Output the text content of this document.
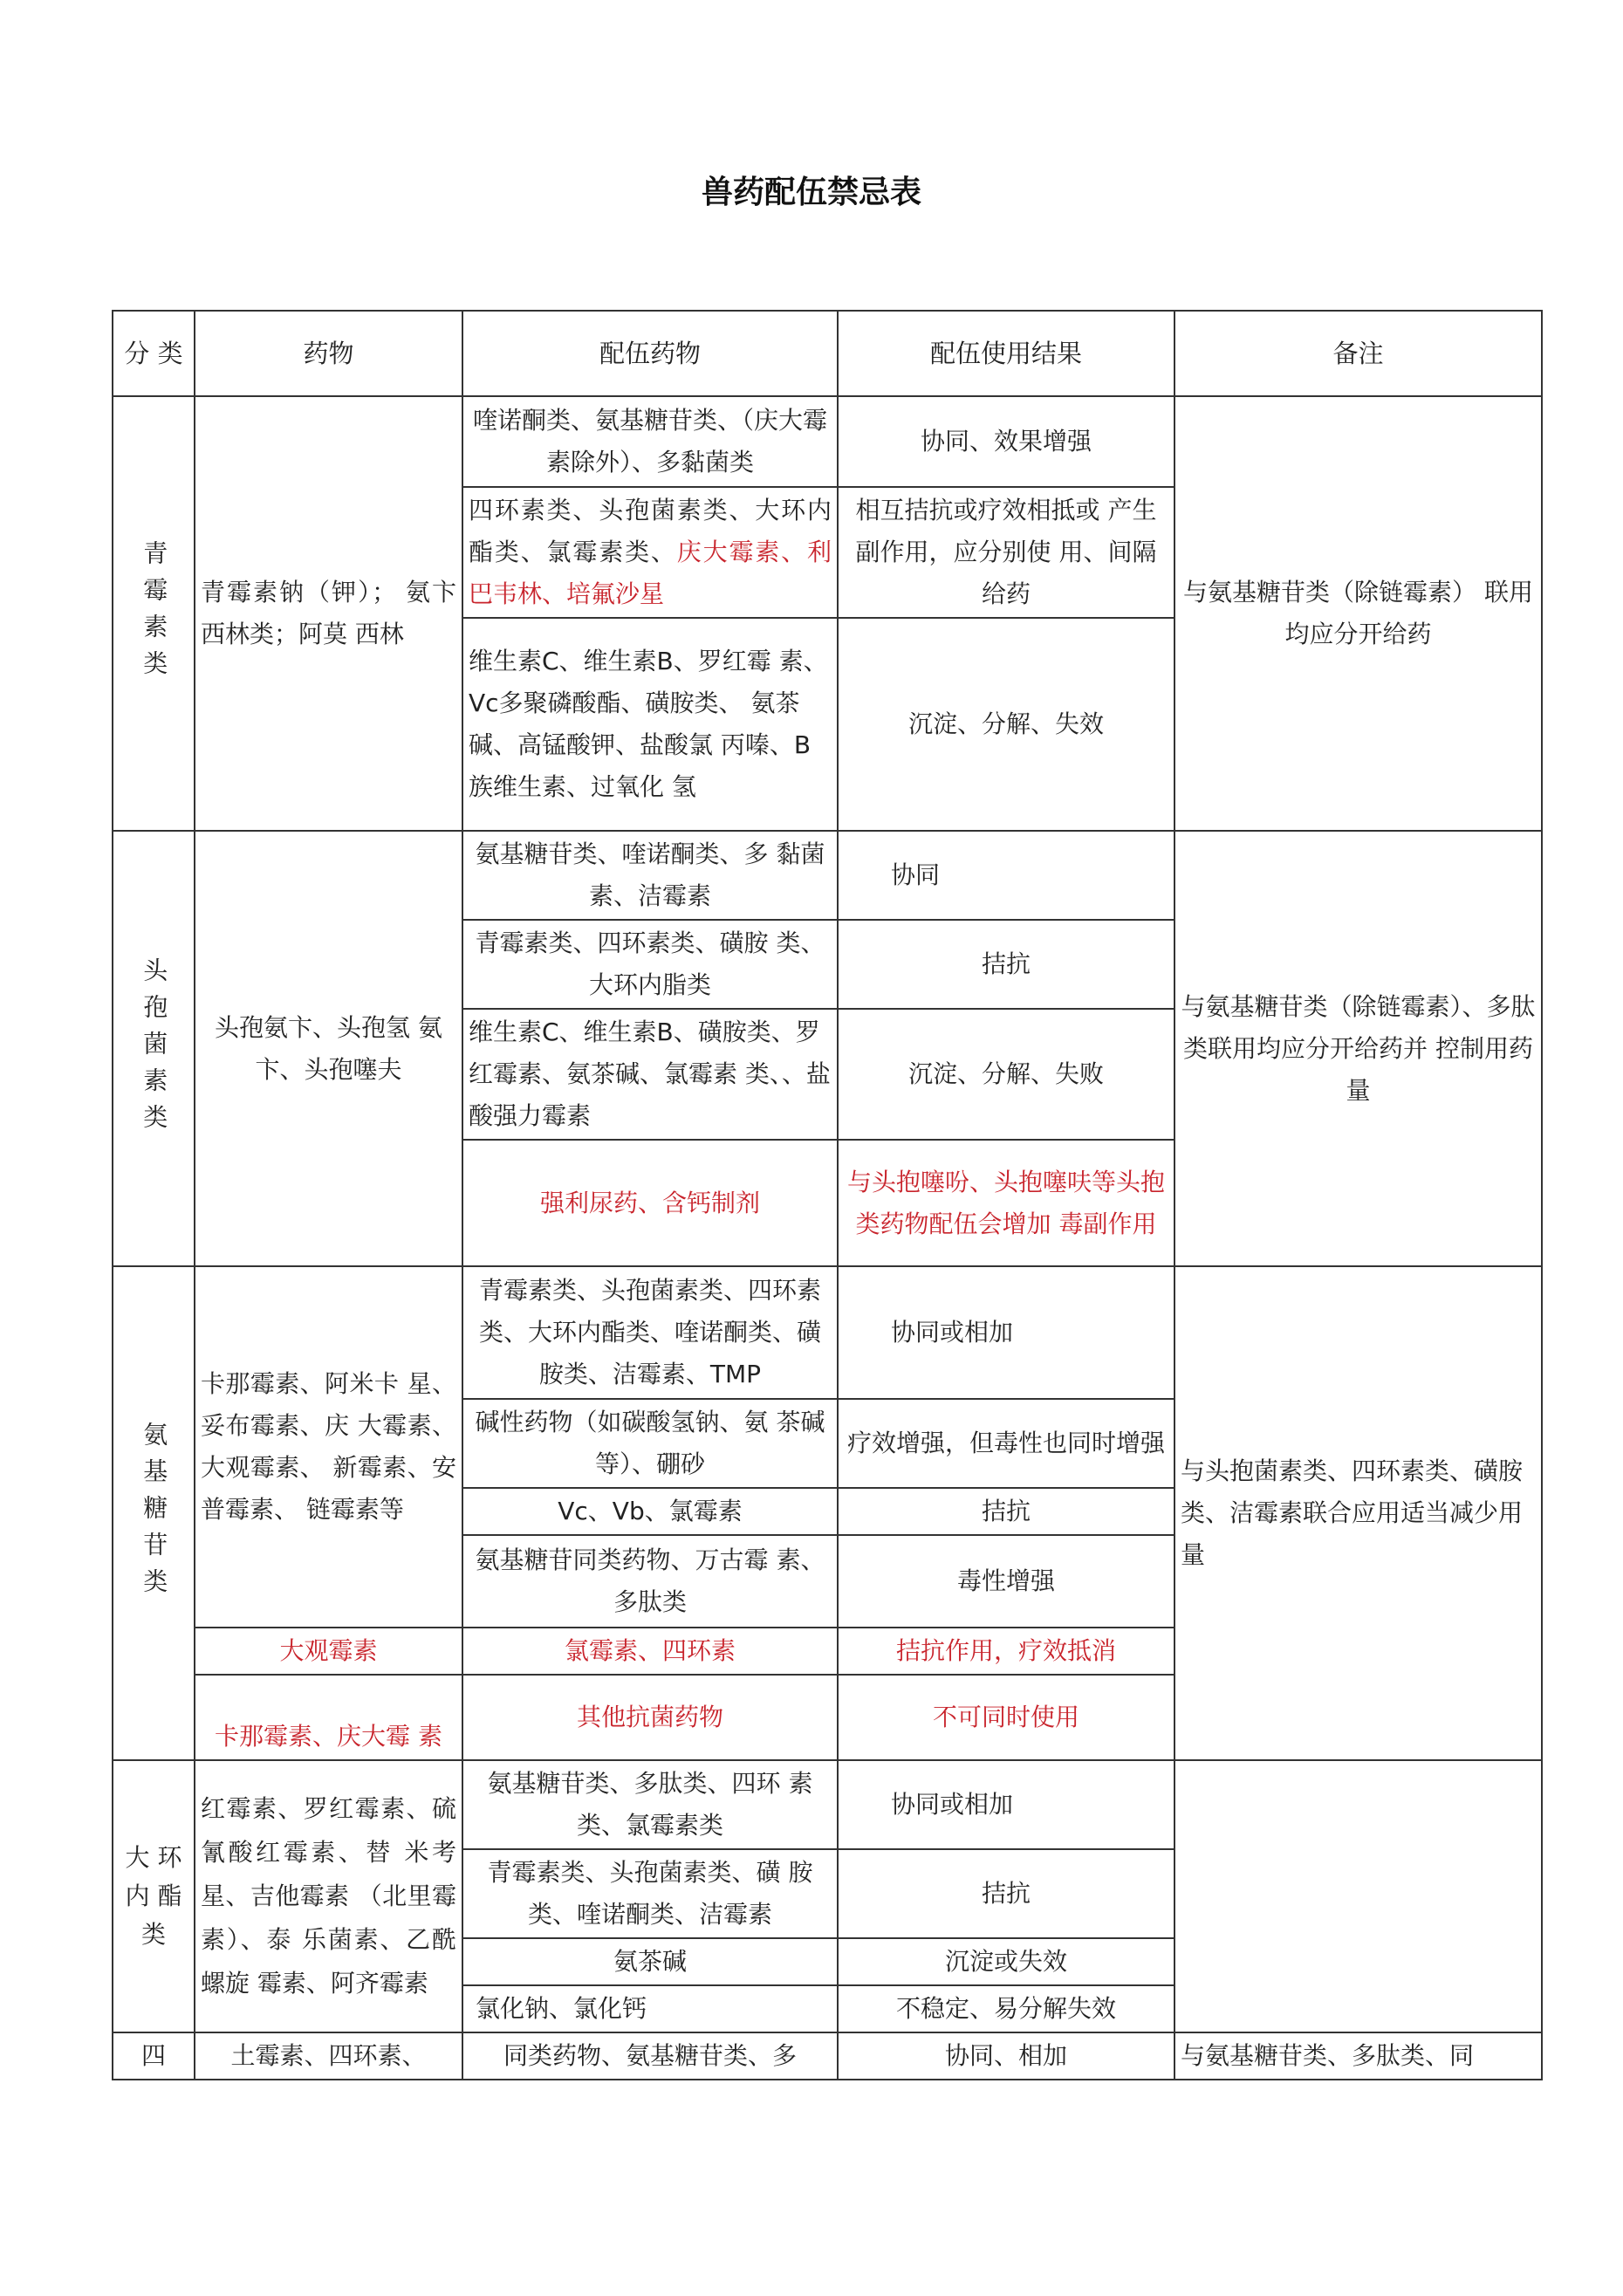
兽药配伍禁忌表
分 类	药物	配伍药物	配伍使用结果	备注
青霉素类	青霉素钠（钾）； 氨卞西林类；阿莫 西林	喹诺酮类、氨基糖苷类、（庆大霉素除外）、多黏菌类	协同、效果增强	与氨基糖苷类（除链霉素） 联用均应分开给药
		四环素类、头孢菌素类、大环内酯类、氯霉素类、庆大霉素、利巴韦林、培氟沙星	相互拮抗或疗效相抵或 产生副作用，应分别使 用、间隔给药	
		维生素C、维生素B、罗红霉 素、Vc多聚磷酸酯、磺胺类、 氨茶碱、高锰酸钾、盐酸氯 丙嗪、B族维生素、过氧化 氢	沉淀、分解、失效	
头孢菌素类	头孢氨卞、头孢氢 氨卞、头孢噻夫	氨基糖苷类、喹诺酮类、多 黏菌素、洁霉素	协同	与氨基糖苷类（除链霉素）、多肽类联用均应分开给药并 控制用药量
		青霉素类、四环素类、磺胺 类、大环内脂类	拮抗	
		维生素C、维生素B、磺胺类、罗红霉素、氨茶碱、氯霉素 类、、盐酸强力霉素	沉淀、分解、失败	
		强利尿药、含钙制剂	与头抱噻吩、头抱噻呋等头抱类药物配伍会增加 毒副作用	
氨基糖苷类	卡那霉素、阿米卡 星、妥布霉素、庆 大霉素、大观霉素、 新霉素、安普霉素、 链霉素等	青霉素类、头孢菌素类、四环素类、大环内酯类、喹诺酮类、磺胺类、洁霉素、TMP	协同或相加	与头抱菌素类、四环素类、磺胺类、洁霉素联合应用适当减少用量
		碱性药物（如碳酸氢钠、氨 茶碱等）、硼砂	疗效增强，但毒性也同时增强	
		Vc、Vb、氯霉素	拮抗	
		氨基糖苷同类药物、万古霉 素、多肽类	毒性增强	
	大观霉素	氯霉素、四环素	拮抗作用，疗效抵消	
	卡那霉素、庆大霉 素	其他抗菌药物	不可同时使用	
大 环 内 酯 类	红霉素、罗红霉素、硫氰酸红霉素、替 米考星、吉他霉素 （北里霉素）、泰 乐菌素、乙酰螺旋 霉素、阿齐霉素	氨基糖苷类、多肽类、四环 素类、氯霉素类	协同或相加	
		青霉素类、头孢菌素类、磺 胺类、喹诺酮类、洁霉素	拮抗	
		氨茶碱	沉淀或失效	
		氯化钠、氯化钙	不稳定、易分解失效	
四	土霉素、四环素、	同类药物、氨基糖苷类、多	协同、相加	与氨基糖苷类、多肽类、同
